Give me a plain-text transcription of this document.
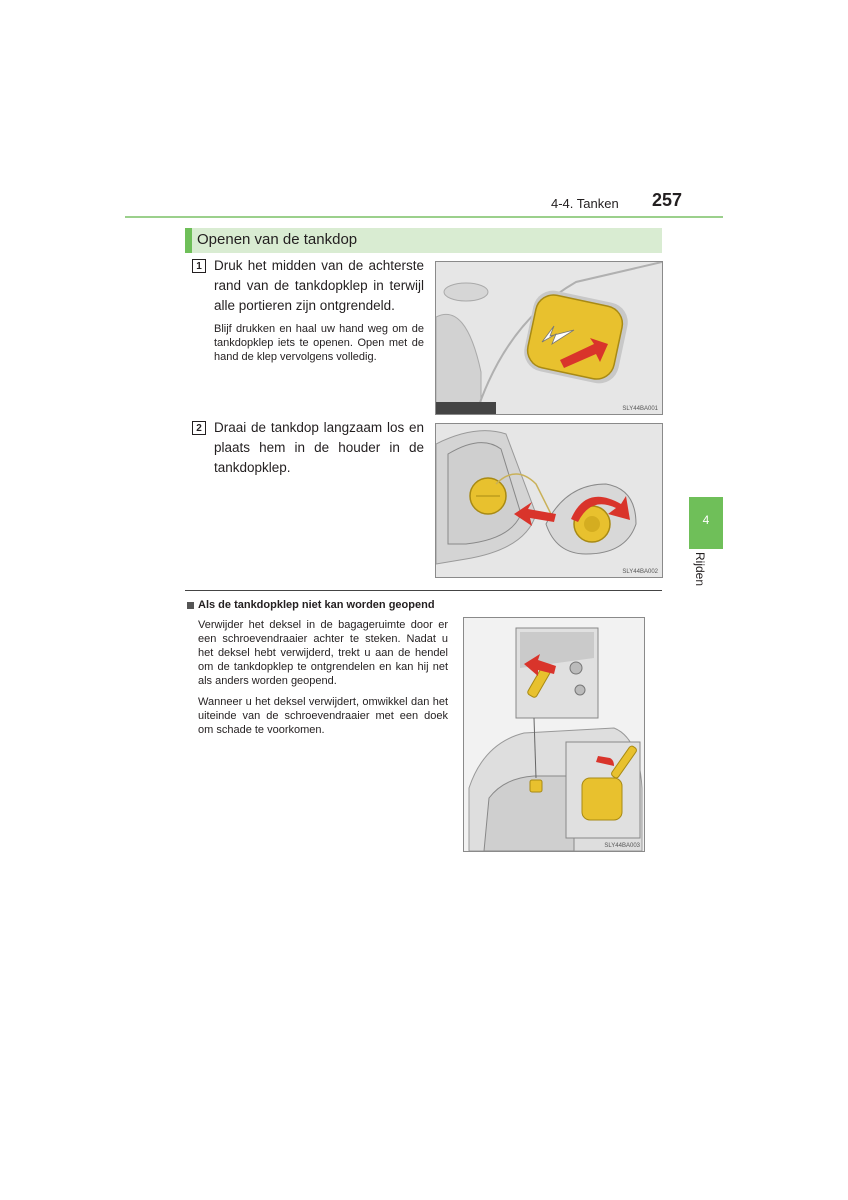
4-4. Tanken 257
4
Rijden
Openen van de tankdop
1 Druk het midden van de achterste rand van de tankdopklep in terwijl alle portieren zijn ontgrendeld.
Blijf drukken en haal uw hand weg om de tankdopklep iets te openen. Open met de hand de klep vervolgens volledig.
SLY44BA001
2 Draai de tankdop langzaam los en plaats hem in de houder in de tankdopklep.
SLY44BA002
Als de tankdopklep niet kan worden geopend
Verwijder het deksel in de bagageruimte door er een schroevendraaier achter te steken. Nadat u het deksel hebt verwijderd, trekt u aan de hendel om de tankdopklep te ontgrendelen en kan hij net als anders worden geopend.
Wanneer u het deksel verwijdert, omwikkel dan het uiteinde van de schroevendraaier met een doek om schade te voorkomen.
SLY44BA003
